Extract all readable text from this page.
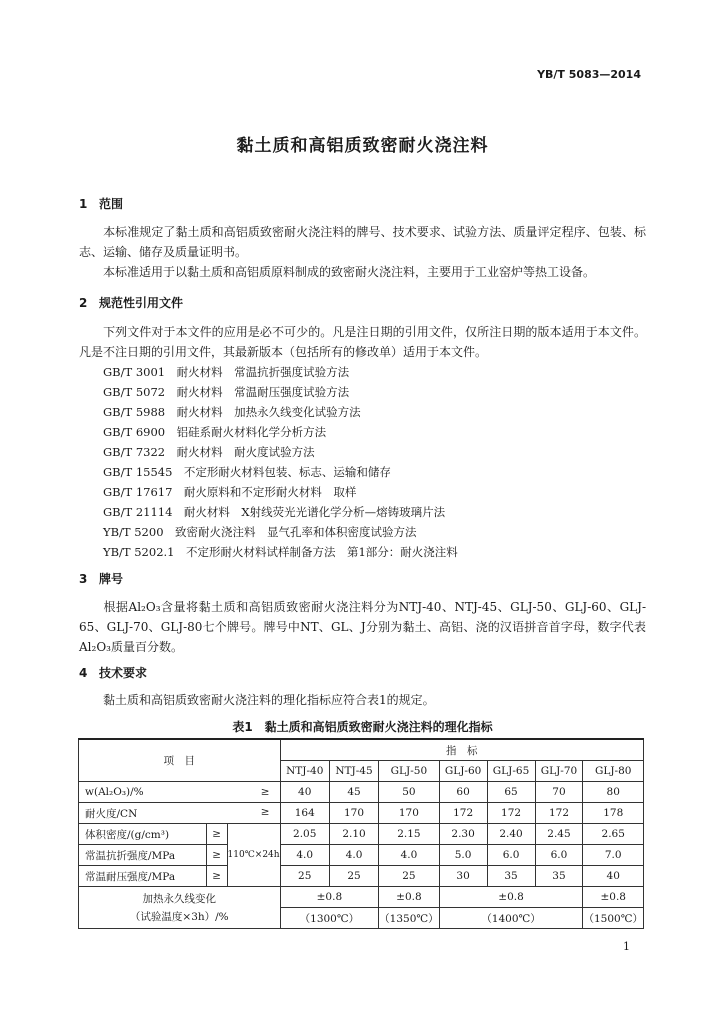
YB/T 5083—2014
黏土质和高铝质致密耐火浇注料
1 范围
本标准规定了黏土质和高铝质致密耐火浇注料的牌号、技术要求、试验方法、质量评定程序、包装、标志、运输、储存及质量证明书。
本标准适用于以黏土质和高铝质原料制成的致密耐火浇注料，主要用于工业窑炉等热工设备。
2 规范性引用文件
下列文件对于本文件的应用是必不可少的。凡是注日期的引用文件，仅所注日期的版本适用于本文件。凡是不注日期的引用文件，其最新版本（包括所有的修改单）适用于本文件。
GB/T 3001　耐火材料　常温抗折强度试验方法
GB/T 5072　耐火材料　常温耐压强度试验方法
GB/T 5988　耐火材料　加热永久线变化试验方法
GB/T 6900　铝硅系耐火材料化学分析方法
GB/T 7322　耐火材料　耐火度试验方法
GB/T 15545　不定形耐火材料包装、标志、运输和储存
GB/T 17617　耐火原料和不定形耐火材料　取样
GB/T 21114　耐火材料　X射线荧光光谱化学分析—熔铸玻璃片法
YB/T 5200　致密耐火浇注料　显气孔率和体积密度试验方法
YB/T 5202.1　不定形耐火材料试样制备方法　第1部分：耐火浇注料
3 牌号
根据Al₂O₃含量将黏土质和高铝质致密耐火浇注料分为NTJ-40、NTJ-45、GLJ-50、GLJ-60、GLJ-65、GLJ-70、GLJ-80七个牌号。牌号中NT、GL、J分别为黏土、高铝、浇的汉语拼音首字母，数字代表Al₂O₃质量百分数。
4 技术要求
黏土质和高铝质致密耐火浇注料的理化指标应符合表1的规定。
表1　黏土质和高铝质致密耐火浇注料的理化指标
项　目			指　标						
			NTJ-40	NTJ-45	GLJ-50	GLJ-60	GLJ-65	GLJ-70	GLJ-80
w(Al₂O₃)/% ≥			40	45	50	60	65	70	80
耐火度/CN ≥			164	170	170	172	172	172	178
体积密度/(g/cm³)	≥	110℃×24h	2.05	2.10	2.15	2.30	2.40	2.45	2.65
常温抗折强度/MPa	≥		4.0	4.0	4.0	5.0	6.0	6.0	7.0
常温耐压强度/MPa	≥		25	25	25	30	35	35	40

加热永久线变化
（试验温度×3h）/%			±0.8		±0.8	±0.8			±0.8
			（1300℃）		（1350℃）	（1400℃）			（1500℃）
1
